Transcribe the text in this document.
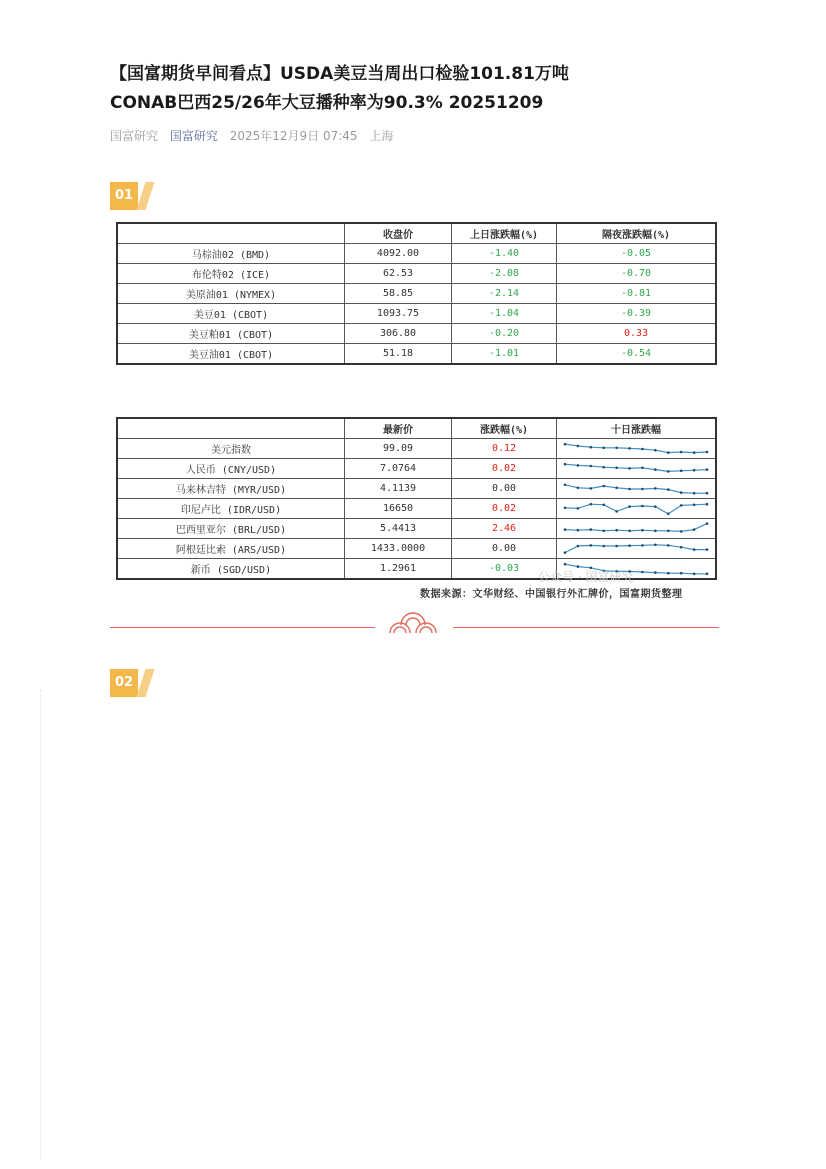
【国富期货早间看点】USDA美豆当周出口检验101.81万吨
CONAB巴西25/26年大豆播种率为90.3% 20251209
国富研究 国富研究 2025年12月9日 07:45 上海
01
	收盘价	上日涨跌幅(%)	隔夜涨跌幅(%)
马棕油02 (BMD)	4092.00	-1.40	-0.05
布伦特02 (ICE)	62.53	-2.08	-0.70
美原油01 (NYMEX)	58.85	-2.14	-0.81
美豆01 (CBOT)	1093.75	-1.04	-0.39
美豆粕01 (CBOT)	306.80	-0.20	0.33
美豆油01 (CBOT)	51.18	-1.01	-0.54
	最新价	涨跌幅(%)	十日涨跌幅
美元指数	99.09	0.12	

人民币 (CNY/USD)	7.0764	0.02	

马来林吉特 (MYR/USD)	4.1139	0.00	

印尼卢比 (IDR/USD)	16650	0.02	

巴西里亚尔 (BRL/USD)	5.4413	2.46	

阿根廷比索 (ARS/USD)	1433.0000	0.00	

新币 (SGD/USD)	1.2961	-0.03	
公众号 · 国富研究
数据来源：文华财经、中国银行外汇牌价，国富期货整理
02
